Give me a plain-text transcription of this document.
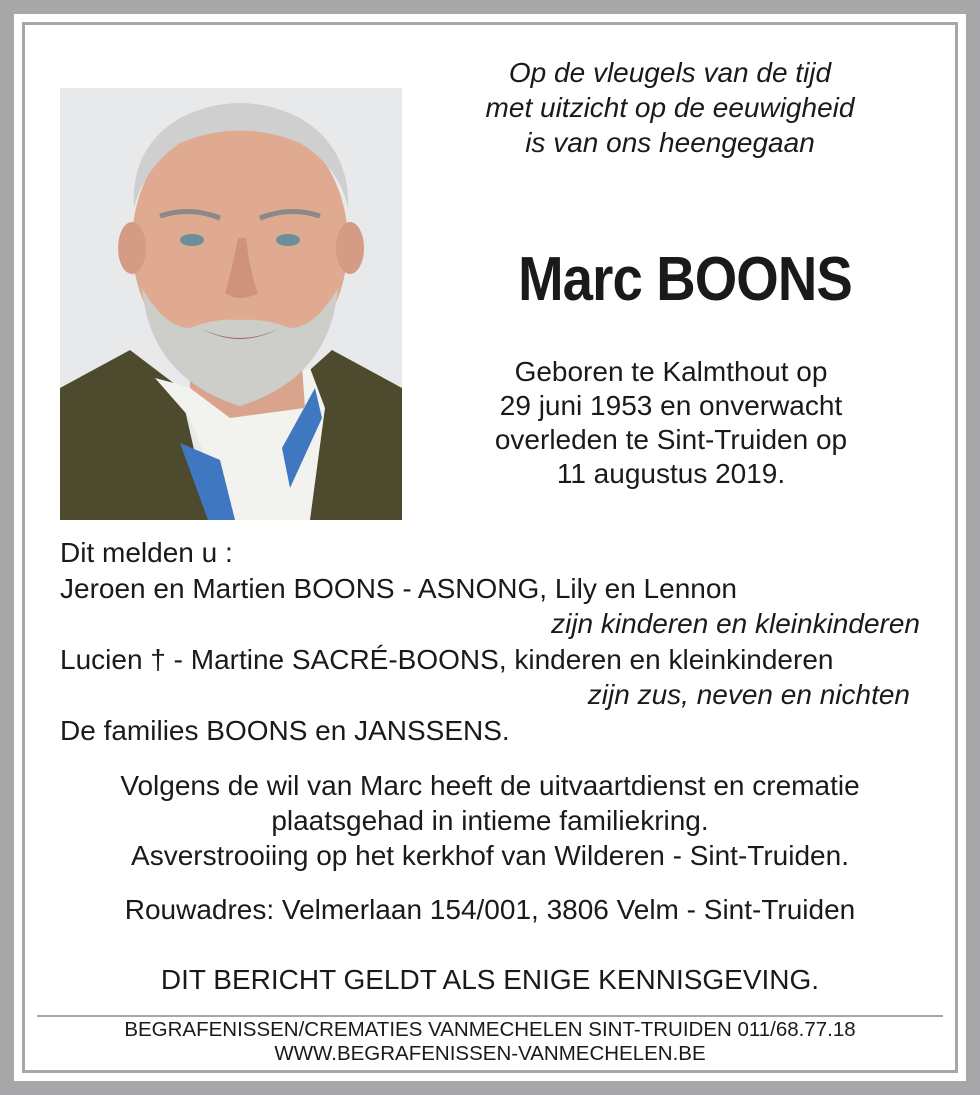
Op de vleugels van de tijd
met uitzicht op de eeuwigheid
is van ons heengegaan
Marc BOONS
Geboren te Kalmthout op
29 juni 1953 en onverwacht
overleden te Sint-Truiden op
11 augustus 2019.
Dit melden u :
Jeroen en Martien BOONS - ASNONG, Lily en Lennon
zijn kinderen en kleinkinderen
Lucien † - Martine SACRÉ-BOONS, kinderen en kleinkinderen
zijn zus, neven en nichten
De families BOONS en JANSSENS.
Volgens de wil van Marc heeft de uitvaartdienst en crematie
plaatsgehad in intieme familiekring.
Asverstrooiing op het kerkhof van Wilderen - Sint-Truiden.
Rouwadres: Velmerlaan 154/001, 3806 Velm - Sint-Truiden
DIT BERICHT GELDT ALS ENIGE KENNISGEVING.
BEGRAFENISSEN/CREMATIES VANMECHELEN SINT-TRUIDEN 011/68.77.18
WWW.BEGRAFENISSEN-VANMECHELEN.BE
